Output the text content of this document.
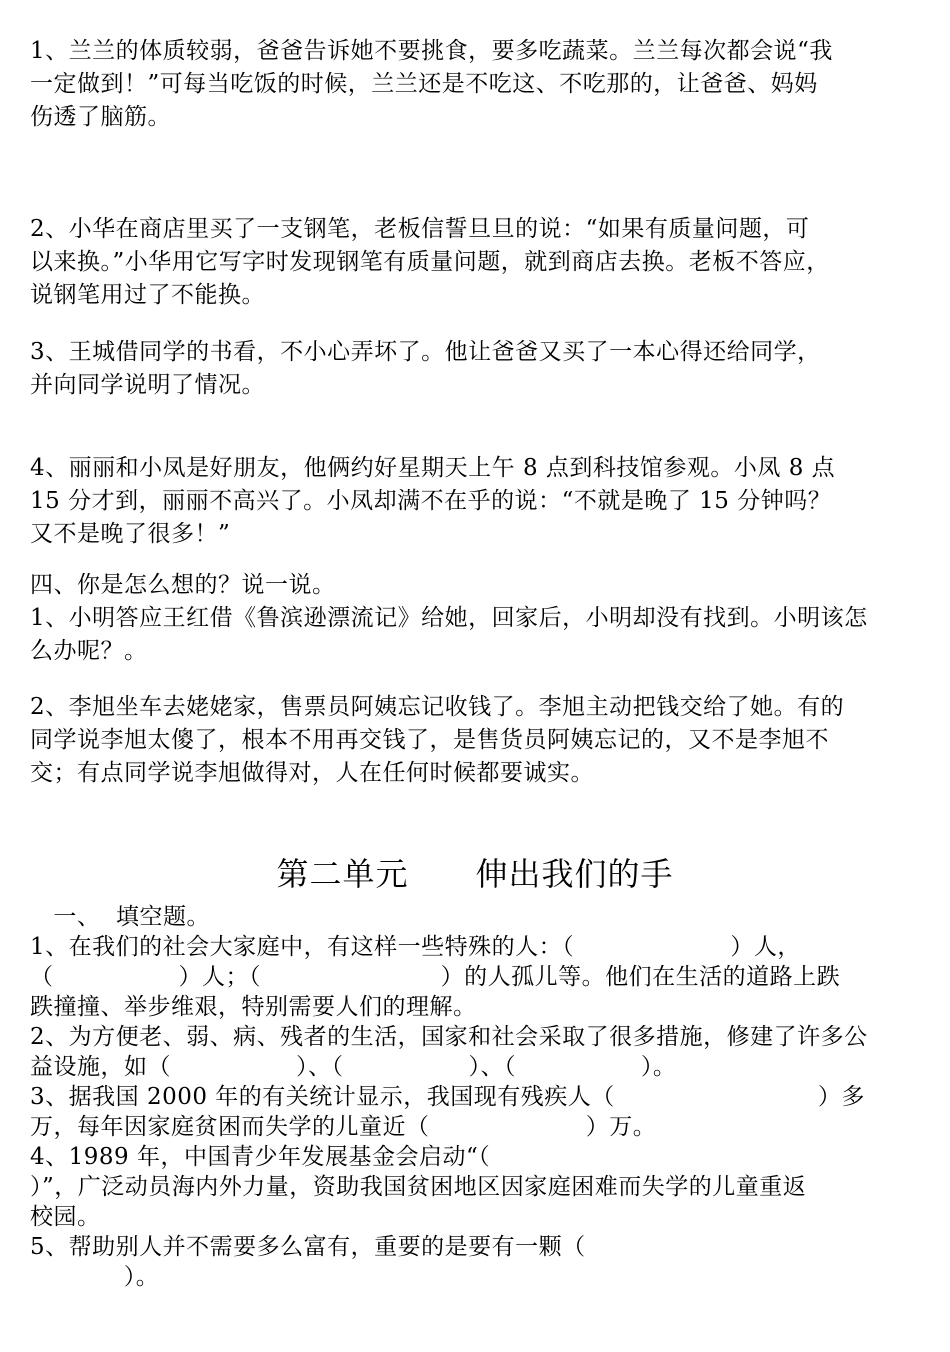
1、兰兰的体质较弱，爸爸告诉她不要挑食，要多吃蔬菜。兰兰每次都会说“我
一定做到！”可每当吃饭的时候，兰兰还是不吃这、不吃那的，让爸爸、妈妈
伤透了脑筋。
2、小华在商店里买了一支钢笔，老板信誓旦旦的说：“如果有质量问题，可
以来换。”小华用它写字时发现钢笔有质量问题，就到商店去换。老板不答应，
说钢笔用过了不能换。
3、王城借同学的书看，不小心弄坏了。他让爸爸又买了一本心得还给同学，
并向同学说明了情况。
4、丽丽和小凤是好朋友，他俩约好星期天上午 8 点到科技馆参观。小凤 8 点
15 分才到，丽丽不高兴了。小凤却满不在乎的说：“不就是晚了 15 分钟吗？
又不是晚了很多！”
四、你是怎么想的？说一说。
1、小明答应王红借《鲁滨逊漂流记》给她，回家后，小明却没有找到。小明该怎
么办呢？。
2、李旭坐车去姥姥家，售票员阿姨忘记收钱了。李旭主动把钱交给了她。有的
同学说李旭太傻了，根本不用再交钱了，是售货员阿姨忘记的，又不是李旭不
交；有点同学说李旭做得对，人在任何时候都要诚实。
第二单元      伸出我们的手
一、  填空题。
1、在我们的社会大家庭中，有这样一些特殊的人：（                    ）人，
（                ）人；（                       ）的人孤儿等。他们在生活的道路上跌
跌撞撞、举步维艰，特别需要人们的理解。
2、为方便老、弱、病、残者的生活，国家和社会采取了很多措施，修建了许多公
益设施，如（                ）、（                ）、（                ）。
3、据我国 2000 年的有关统计显示，我国现有残疾人（                          ）多
万，每年因家庭贫困而失学的儿童近（                    ）万。
4、1989 年，中国青少年发展基金会启动“（
）”，广泛动员海内外力量，资助我国贫困地区因家庭困难而失学的儿童重返
校园。
5、帮助别人并不需要多么富有，重要的是要有一颗（
）。
